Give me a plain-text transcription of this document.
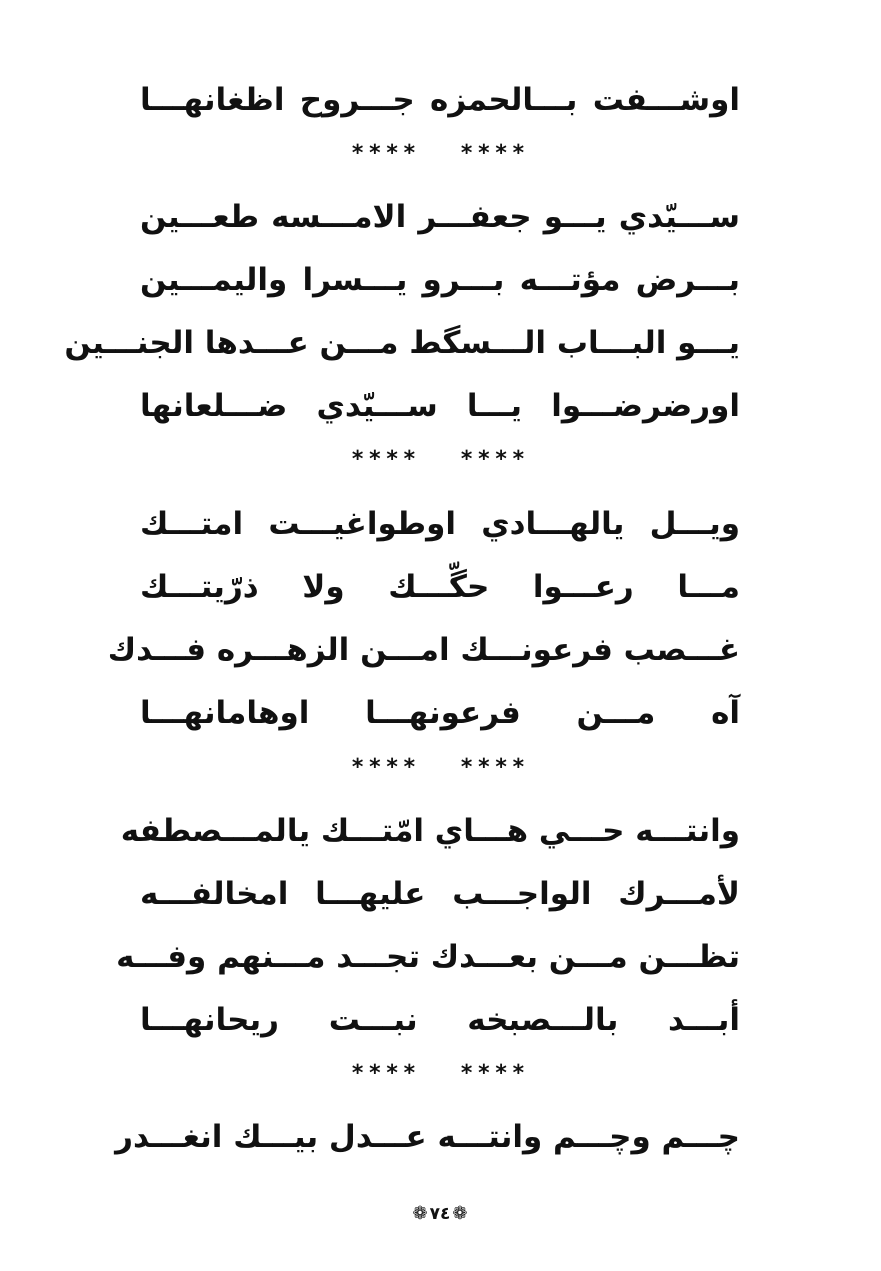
اوشـــفت بـــالحمزه جـــروح اظغانهـــا
**** ****
ســـيّدي يـــو جعفـــر الامـــسه طعـــين
بـــرض مؤتـــه بـــرو يـــسرا واليمـــين
يـــو البـــاب الـــسگط مـــن عـــدها الجنـــين
اورضرضـــوا يـــا ســـيّدي ضـــلعانها
**** ****
ويـــل يالهـــادي اوطواغيـــت امتـــك
مـــا رعـــوا حگّـــك ولا ذرّيتـــك
غـــصب فرعونـــك امـــن الزهـــره فـــدك
آه مـــن فرعونهـــا اوهامانهـــا
**** ****
وانتـــه حـــي هـــاي امّتـــك يالمـــصطفه
لأمـــرك الواجـــب عليهـــا امخالفـــه
تظـــن مـــن بعـــدك تجـــد مـــنهم وفـــه
أبـــد بالـــصبخه نبـــت ريحانهـــا
**** ****
چـــم وچـــم وانتـــه عـــدل بيـــك انغـــدر
❁ ٧٤ ❁
